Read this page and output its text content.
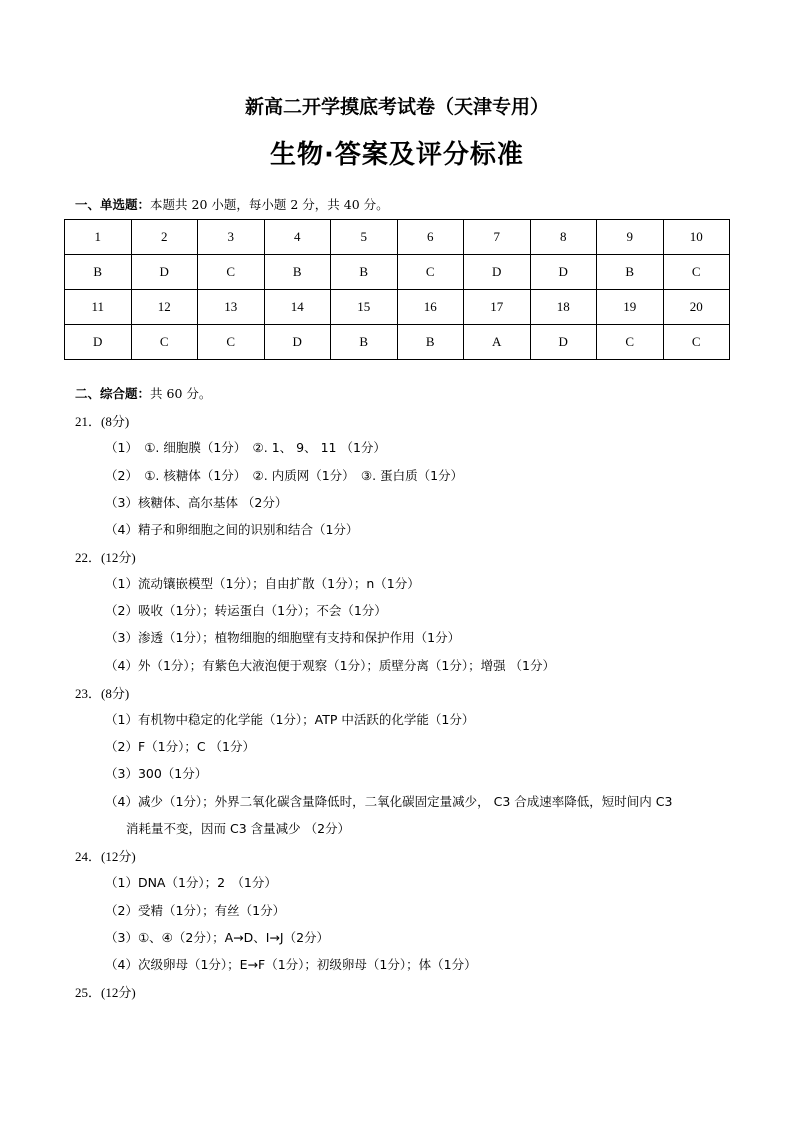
新高二开学摸底考试卷（天津专用）
生物·答案及评分标准
一、单选题：本题共 20 小题，每小题 2 分，共 40 分。
1	2	3	4	5	6	7	8	9	10
B	D	C	B	B	C	D	D	B	C
11	12	13	14	15	16	17	18	19	20
D	C	C	D	B	B	A	D	C	C
二、综合题：共 60 分。
21．(8分)
（1）　①. 细胞膜（1分）　②. 1、 9、 11 （1分）
（2）　①. 核糖体（1分）　②. 内质网（1分）　③. 蛋白质（1分）
（3）核糖体、高尔基体 （2分）
（4）精子和卵细胞之间的识别和结合（1分）
22．(12分)
（1）流动镶嵌模型（1分）；自由扩散（1分）；n（1分）
（2）吸收（1分）；转运蛋白（1分）；不会（1分）
（3）渗透（1分）；植物细胞的细胞壁有支持和保护作用（1分）
（4）外（1分）；有紫色大液泡便于观察（1分）；质壁分离（1分）；增强 （1分）
23．(8分)
（1）有机物中稳定的化学能（1分）；ATP 中活跃的化学能（1分）
（2）F（1分）；C （1分）
（3）300（1分）
（4）减少（1分）；外界二氧化碳含量降低时，二氧化碳固定量减少， C3 合成速率降低，短时间内 C3
消耗量不变，因而 C3 含量减少 （2分）
24．(12分)
（1）DNA（1分）；2　（1分）
（2）受精（1分）；有丝（1分）
（3）①、④（2分）；A→D、I→J（2分）
（4）次级卵母（1分）；E→F（1分）；初级卵母（1分）；体（1分）
25．(12分)
